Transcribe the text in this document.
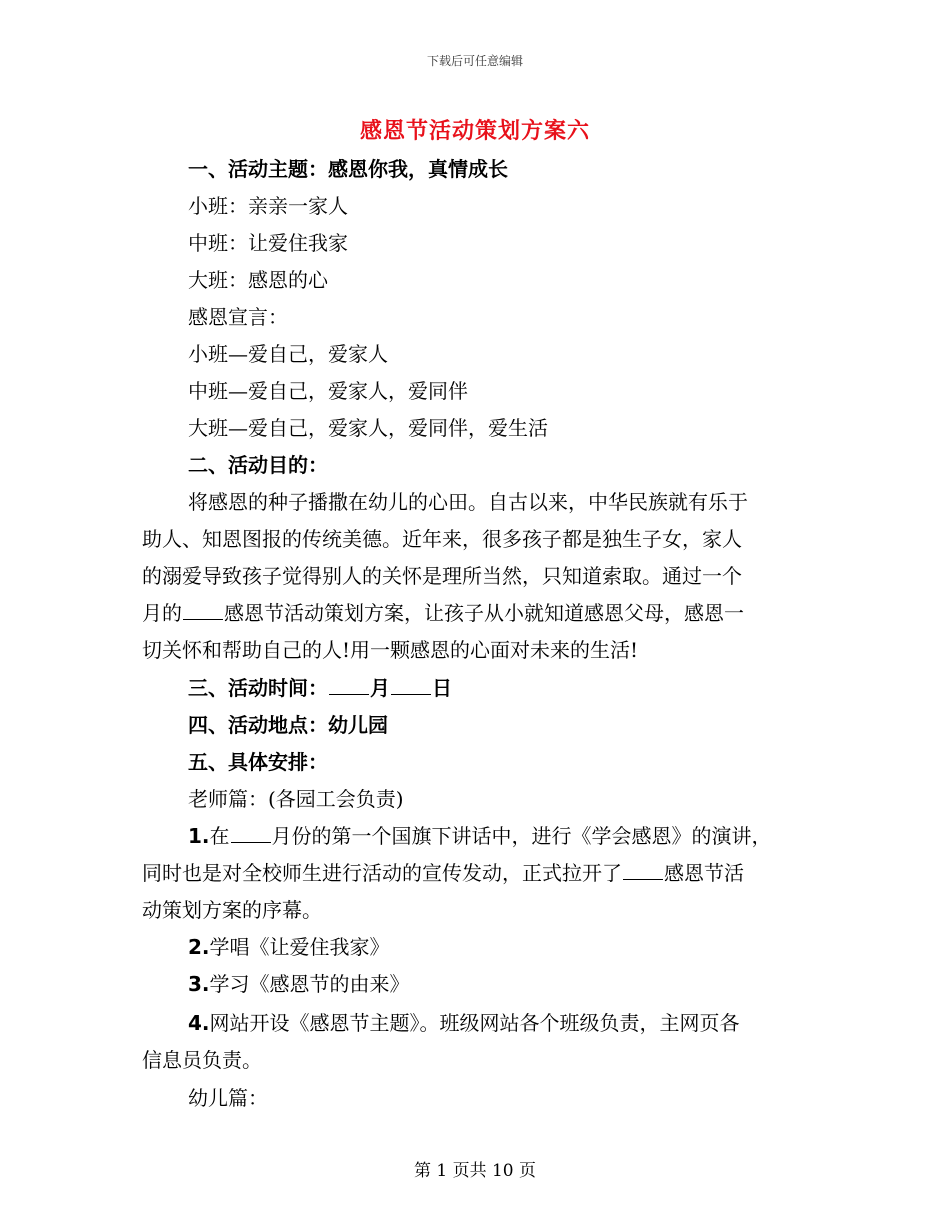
下载后可任意编辑
感恩节活动策划方案六
一、活动主题：感恩你我，真情成长
小班：亲亲一家人
中班：让爱住我家
大班：感恩的心
感恩宣言：
小班—爱自己，爱家人
中班—爱自己，爱家人，爱同伴
大班—爱自己，爱家人，爱同伴，爱生活
二、活动目的：
将感恩的种子播撒在幼儿的心田。自古以来，中华民族就有乐于
助人、知恩图报的传统美德。近年来，很多孩子都是独生子女，家人
的溺爱导致孩子觉得别人的关怀是理所当然，只知道索取。通过一个
月的 感恩节活动策划方案，让孩子从小就知道感恩父母，感恩一
切关怀和帮助自己的人!用一颗感恩的心面对未来的生活!
三、活动时间： 月 日
四、活动地点：幼儿园
五、具体安排：
老师篇：(各园工会负责)
1.在 月份的第一个国旗下讲话中，进行《学会感恩》的演讲，
同时也是对全校师生进行活动的宣传发动，正式拉开了 感恩节活
动策划方案的序幕。
2.学唱《让爱住我家》
3.学习《感恩节的由来》
4.网站开设《感恩节主题》。班级网站各个班级负责，主网页各
信息员负责。
幼儿篇：
第 1 页共 10 页
